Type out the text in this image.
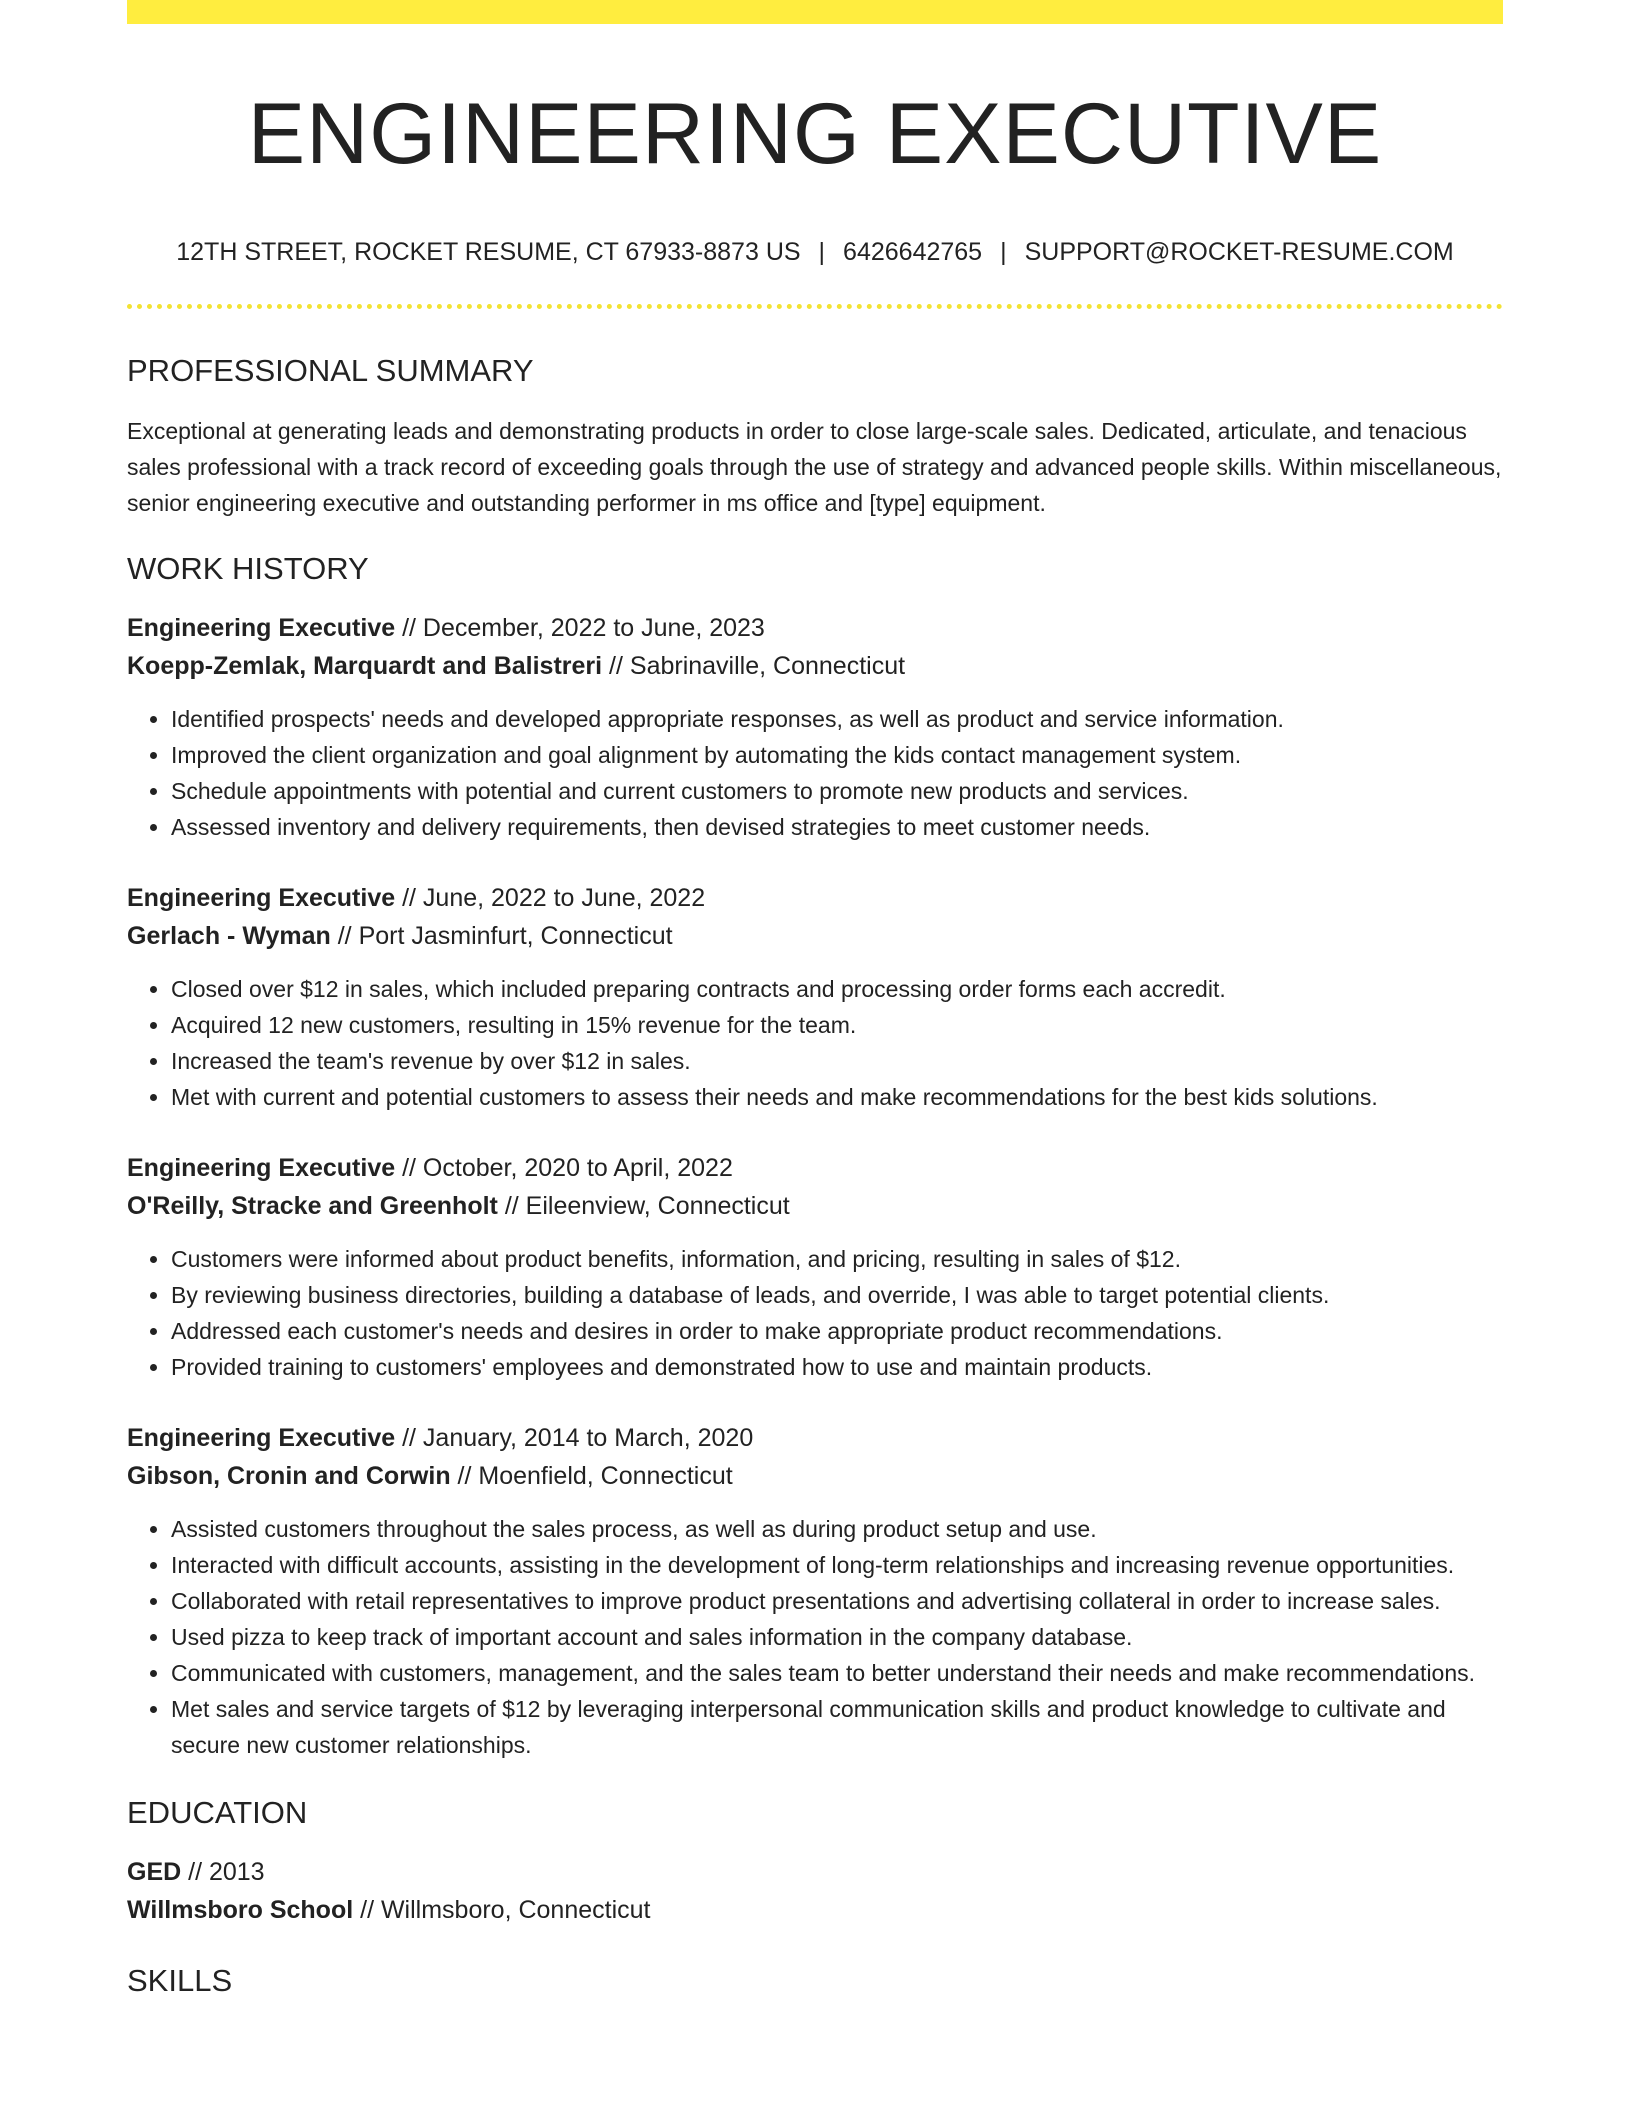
ENGINEERING EXECUTIVE
12TH STREET, ROCKET RESUME, CT 67933-8873 US | 6426642765 | SUPPORT@ROCKET-RESUME.COM
PROFESSIONAL SUMMARY

Exceptional at generating leads and demonstrating products in order to close large-scale sales. Dedicated, articulate, and tenacious sales professional with a track record of exceeding goals through the use of strategy and advanced people skills. Within miscellaneous, senior engineering executive and outstanding performer in ms office and [type] equipment.

WORK HISTORY
Engineering Executive // December, 2022 to June, 2023
Koepp-Zemlak, Marquardt and Balistreri // Sabrinaville, Connecticut
• Identified prospects' needs and developed appropriate responses, as well as product and service information.
• Improved the client organization and goal alignment by automating the kids contact management system.
• Schedule appointments with potential and current customers to promote new products and services.
• Assessed inventory and delivery requirements, then devised strategies to meet customer needs.
Engineering Executive // June, 2022 to June, 2022
Gerlach - Wyman // Port Jasminfurt, Connecticut
• Closed over $12 in sales, which included preparing contracts and processing order forms each accredit.
• Acquired 12 new customers, resulting in 15% revenue for the team.
• Increased the team's revenue by over $12 in sales.
• Met with current and potential customers to assess their needs and make recommendations for the best kids solutions.
Engineering Executive // October, 2020 to April, 2022
O'Reilly, Stracke and Greenholt // Eileenview, Connecticut
• Customers were informed about product benefits, information, and pricing, resulting in sales of $12.
• By reviewing business directories, building a database of leads, and override, I was able to target potential clients.
• Addressed each customer's needs and desires in order to make appropriate product recommendations.
• Provided training to customers' employees and demonstrated how to use and maintain products.
Engineering Executive // January, 2014 to March, 2020
Gibson, Cronin and Corwin // Moenfield, Connecticut
• Assisted customers throughout the sales process, as well as during product setup and use.
• Interacted with difficult accounts, assisting in the development of long-term relationships and increasing revenue opportunities.
• Collaborated with retail representatives to improve product presentations and advertising collateral in order to increase sales.
• Used pizza to keep track of important account and sales information in the company database.
• Communicated with customers, management, and the sales team to better understand their needs and make recommendations.
• Met sales and service targets of $12 by leveraging interpersonal communication skills and product knowledge to cultivate and secure new customer relationships.
EDUCATION
GED // 2013
Willmsboro School // Willmsboro, Connecticut
SKILLS
